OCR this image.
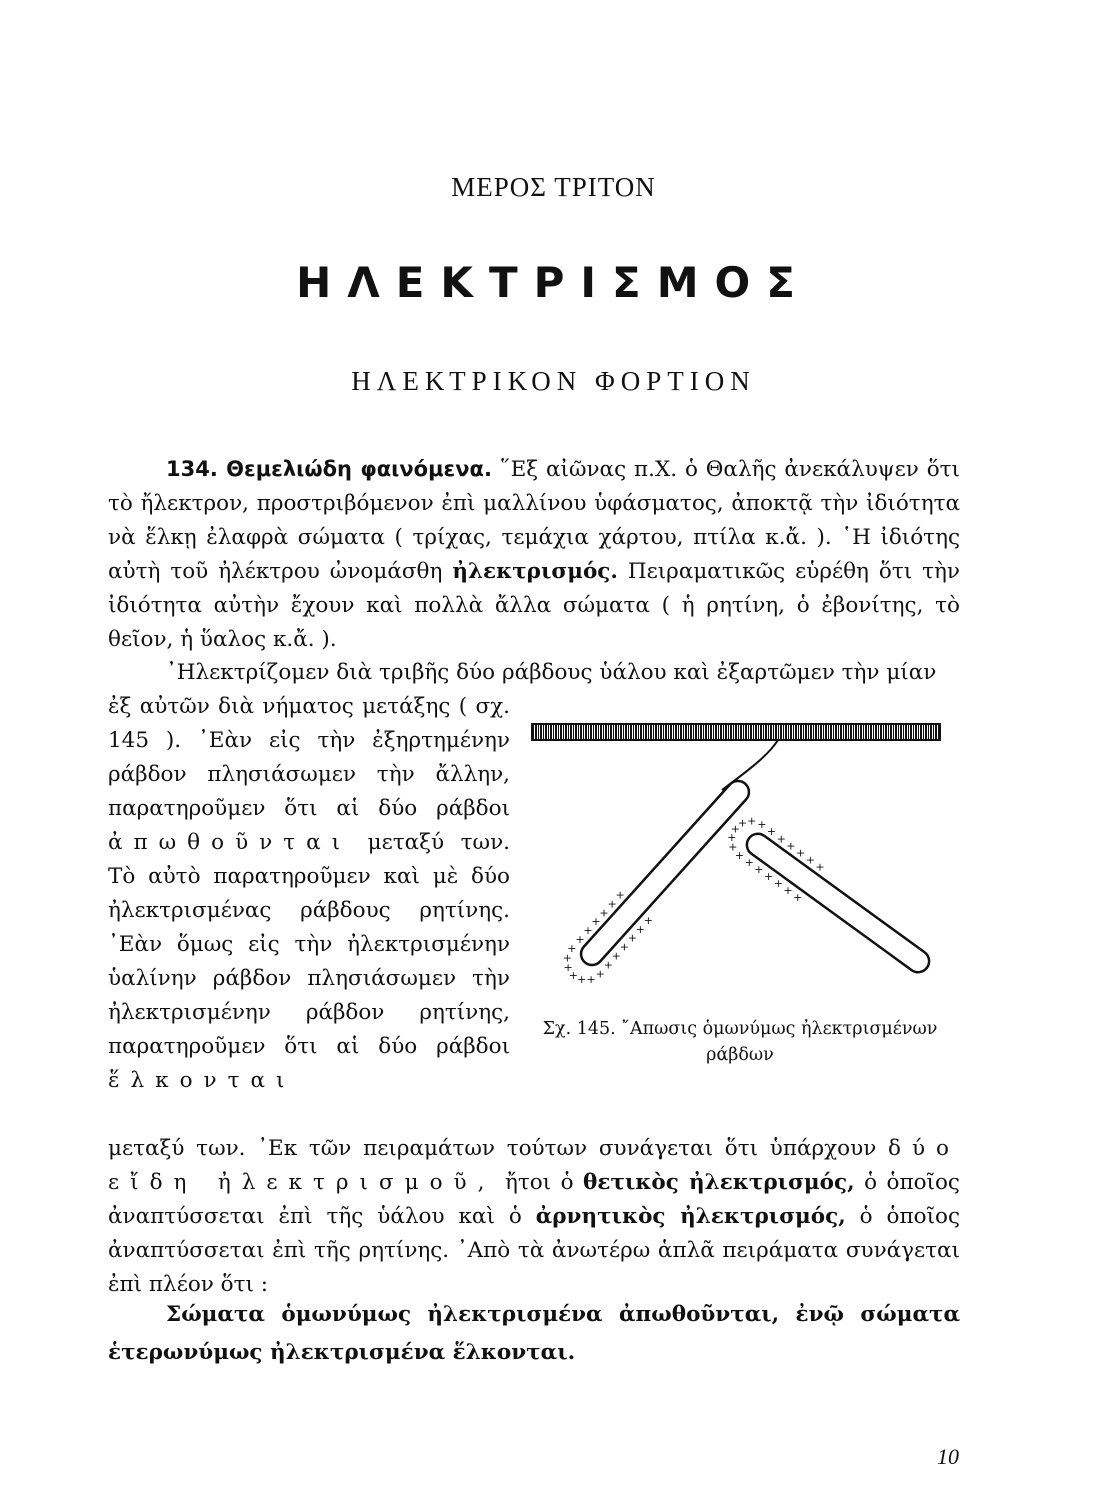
ΜΕΡΟΣ ΤΡΙΤΟΝ
ΗΛΕΚΤΡΙΣΜΟΣ
ΗΛΕΚΤΡΙΚΟΝ ΦΟΡΤΙΟΝ

134. Θεμελιώδη φαινόμενα. ῞Εξ αἰῶνας π.Χ. ὁ Θαλῆς ἀνεκάλυψεν ὅτι τὸ ἤλεκτρον, προστριβόμενον ἐπὶ μαλλίνου ὑφάσματος, ἀποκτᾷ τὴν ἰδιότητα νὰ ἕλκῃ ἐλαφρὰ σώματα ( τρίχας, τεμάχια χάρτου, πτίλα κ.ἄ. ). ῾Η ἰδιότης αὐτὴ τοῦ ἠλέκτρου ὠνομάσθη ἠλεκτρισμός. Πειραματικῶς εὑρέθη ὅτι τὴν ἰδιότητα αὐτὴν ἔχουν καὶ πολλὰ ἄλλα σώματα ( ἡ ρητίνη, ὁ ἐβονίτης, τὸ θεῖον, ἡ ὕαλος κ.ἄ. ).

᾿Ηλεκτρίζομεν διὰ τριβῆς δύο ράβδους ὑάλου καὶ ἐξαρτῶμεν τὴν μίαν

ἐξ αὐτῶν διὰ νήματος μετάξης ( σχ. 145 ). ᾿Εὰν εἰς τὴν ἐξηρτημένην ράβδον πλησιάσωμεν τὴν ἄλλην, παρατηροῦμεν ὅτι αἱ δύο ράβδοι ἀπωθοῦνται μεταξύ των. Τὸ αὐτὸ παρατηροῦμεν καὶ μὲ δύο ἠλεκτρισμένας ράβδους ρητίνης. ᾿Εὰν ὅμως εἰς τὴν ἠλεκτρισμένην ὑαλίνην ράβδον πλησιάσωμεν τὴν ἠλεκτρισμένην ράβδον ρητίνης, παρατηροῦμεν ὅτι αἱ δύο ράβδοι ἕλκονται

μεταξύ των. ᾿Εκ τῶν πειραμάτων τούτων συνάγεται ὅτι ὑπάρχουν δύο εἴδη ἠλεκτρισμοῦ, ἤτοι ὁ θετικὸς ἠλεκτρισμός, ὁ ὁποῖος ἀναπτύσσεται ἐπὶ τῆς ὑάλου καὶ ὁ ἀρνητικὸς ἠλεκτρισμός, ὁ ὁποῖος ἀναπτύσσεται ἐπὶ τῆς ρητίνης. ᾿Απὸ τὰ ἀνωτέρω ἁπλᾶ πειράματα συνάγεται ἐπὶ πλέον ὅτι :

Σώματα ὁμωνύμως ἠλεκτρισμένα ἀπωθοῦνται, ἐνῷ σώματα ἑτερωνύμως ἠλεκτρισμένα ἕλκονται.

+
+
+
+
+
+
+
+
+
+
+
+
+
+
+
+
+
+
+
+
+
+
+
+
+
+
+
+
+
+
+
+
+
+
+
+
+ +
Σχ. 145. ῎Απωσις ὁμωνύμως ἠλεκτρισμένων ράβδων
10
